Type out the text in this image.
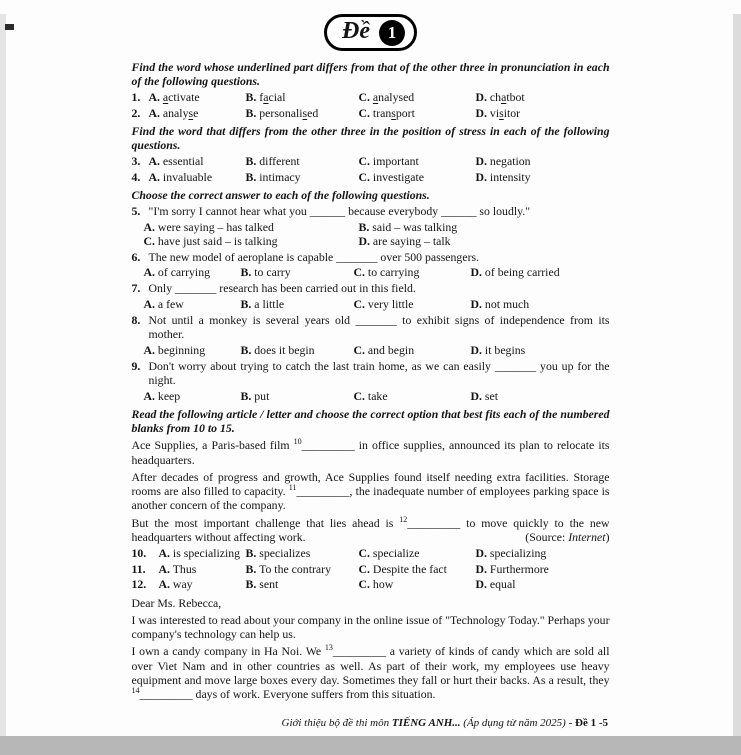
Đề	1

Find the word whose underlined part differs from that of the other three in pronunciation in each of the following questions.

1. A. activate	B. facial	C. analysed	D. chatbot
2. A. analyse	B. personalised	C. transport	D. visitor

Find the word that differs from the other three in the position of stress in each of the following questions.

3. A. essential	B. different	C. important	D. negation
4. A. invaluable	B. intimacy	C. investigate	D. intensity

Choose the correct answer to each of the following questions.

5. "I'm sorry I cannot hear what you ______ because everybody ______ so loudly."
A. were saying – has talked	B. said – was talking
C. have just said – is talking	D. are saying – talk
6. The new model of aeroplane is capable _______ over 500 passengers.
A. of carrying	B. to carry	C. to carrying	D. of being carried
7. Only _______ research has been carried out in this field.
A. a few	B. a little	C. very little	D. not much
8. Not until a monkey is several years old _______ to exhibit signs of independence from its mother.
A. beginning	B. does it begin	C. and begin	D. it begins
9. Don't worry about trying to catch the last train home, as we can easily _______ you up for the night.
A. keep	B. put	C. take	D. set

Read the following article / letter and choose the correct option that best fits each of the numbered blanks from 10 to 15.

Ace Supplies, a Paris-based film $^{10}$_________ in office supplies, announced its plan to relocate its headquarters.

After decades of progress and growth, Ace Supplies found itself needing extra facilities. Storage rooms are also filled to capacity. $^{11}$_________, the inadequate number of employees parking space is another concern of the company.

But the most important challenge that lies ahead is $^{12}$_________ to move quickly to the new headquarters without affecting work.	(Source: Internet)

10.	A. is specializing B. specializes	C. specialize	D. specializing
11.	A. Thus	B. To the contrary	C. Despite the fact	D. Furthermore
12.	A. way	B. sent	C. how	D. equal

Dear Ms. Rebecca,

I was interested to read about your company in the online issue of "Technology Today." Perhaps your company's technology can help us.

I own a candy company in Ha Noi. We $^{13}$_________ a variety of kinds of candy which are sold all over Viet Nam and in other countries as well. As part of their work, my employees use heavy equipment and move large boxes every day. Sometimes they fall or hurt their backs. As a result, they $^{14}$_________ days of work. Everyone suffers from this situation.

Giới thiệu bộ đề thi môn TIẾNG ANH... (Áp dụng từ năm 2025) - Đề 1 -5
